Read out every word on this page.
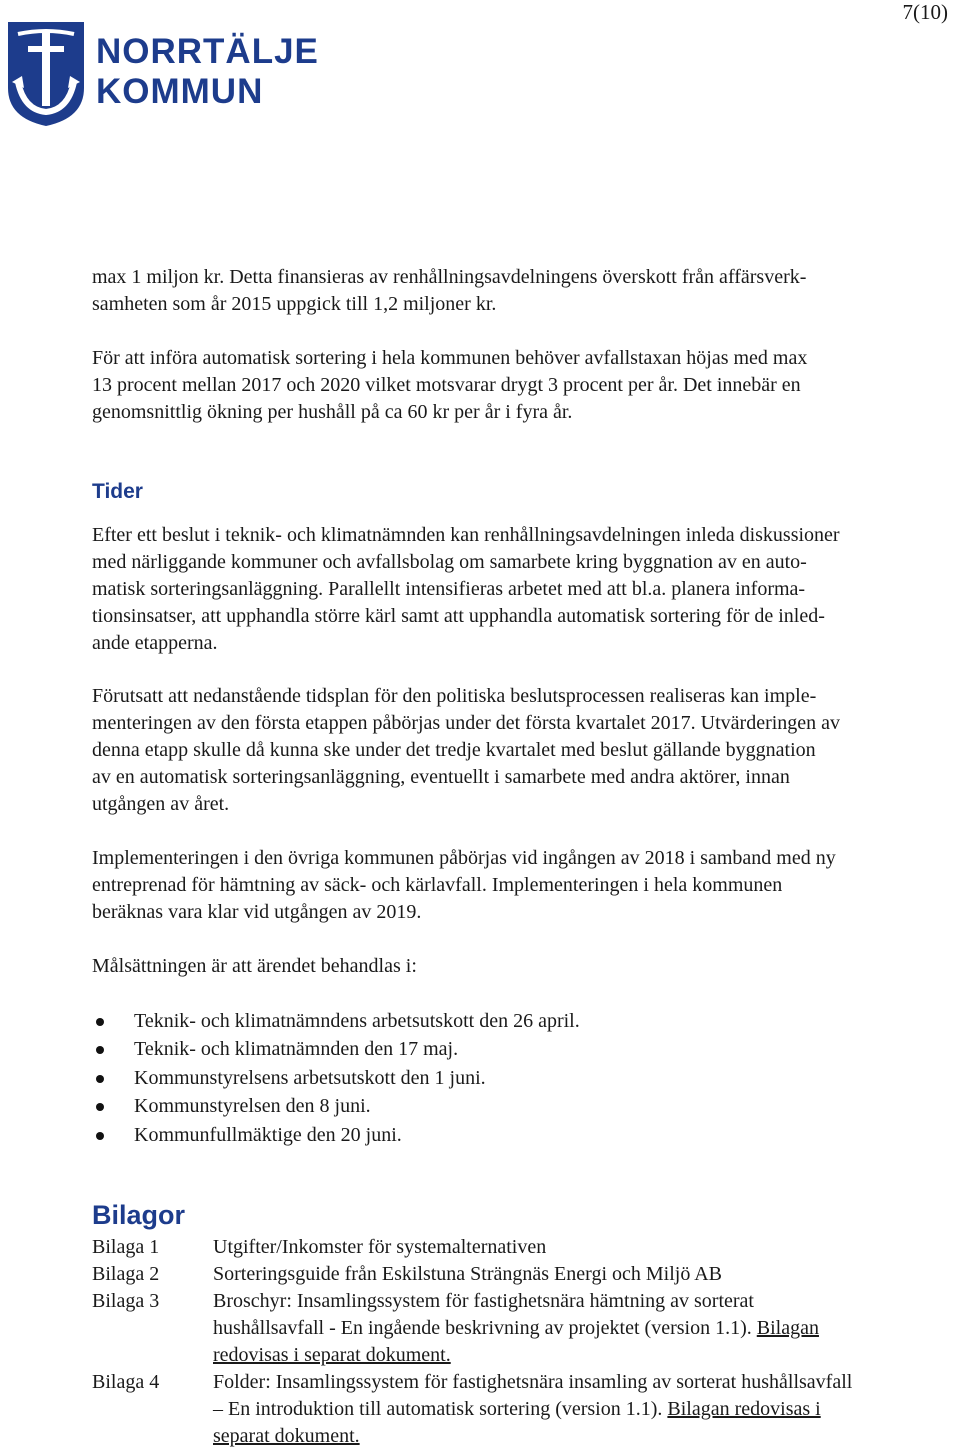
7(10)
NORRTÄLJE
KOMMUN
max 1 miljon kr. Detta finansieras av renhållningsavdelningens överskott från affärsverk-
samheten som år 2015 uppgick till 1,2 miljoner kr.
För att införa automatisk sortering i hela kommunen behöver avfallstaxan höjas med max
13 procent mellan 2017 och 2020 vilket motsvarar drygt 3 procent per år. Det innebär en
genomsnittlig ökning per hushåll på ca 60 kr per år i fyra år.
Tider
Efter ett beslut i teknik- och klimatnämnden kan renhållningsavdelningen inleda diskussioner
med närliggande kommuner och avfallsbolag om samarbete kring byggnation av en auto-
matisk sorteringsanläggning. Parallellt intensifieras arbetet med att bl.a. planera informa-
tionsinsatser, att upphandla större kärl samt att upphandla automatisk sortering för de inled-
ande etapperna.
Förutsatt att nedanstående tidsplan för den politiska beslutsprocessen realiseras kan imple-
menteringen av den första etappen påbörjas under det första kvartalet 2017. Utvärderingen av
denna etapp skulle då kunna ske under det tredje kvartalet med beslut gällande byggnation
av en automatisk sorteringsanläggning, eventuellt i samarbete med andra aktörer, innan
utgången av året.
Implementeringen i den övriga kommunen påbörjas vid ingången av 2018 i samband med ny
entreprenad för hämtning av säck- och kärlavfall. Implementeringen i hela kommunen
beräknas vara klar vid utgången av 2019.
Målsättningen är att ärendet behandlas i:
Teknik- och klimatnämndens arbetsutskott den 26 april.
Teknik- och klimatnämnden den 17 maj.
Kommunstyrelsens arbetsutskott den 1 juni.
Kommunstyrelsen den 8 juni.
Kommunfullmäktige den 20 juni.
Bilagor
Bilaga 1	Utgifter/Inkomster för systemalternativen
Bilaga 2	Sorteringsguide från Eskilstuna Strängnäs Energi och Miljö AB
Bilaga 3	Broschyr: Insamlingssystem för fastighetsnära hämtning av sorterat
hushållsavfall - En ingående beskrivning av projektet (version 1.1). Bilagan
redovisas i separat dokument.
Bilaga 4	Folder: Insamlingssystem för fastighetsnära insamling av sorterat hushållsavfall
– En introduktion till automatisk sortering (version 1.1). Bilagan redovisas i
separat dokument.
